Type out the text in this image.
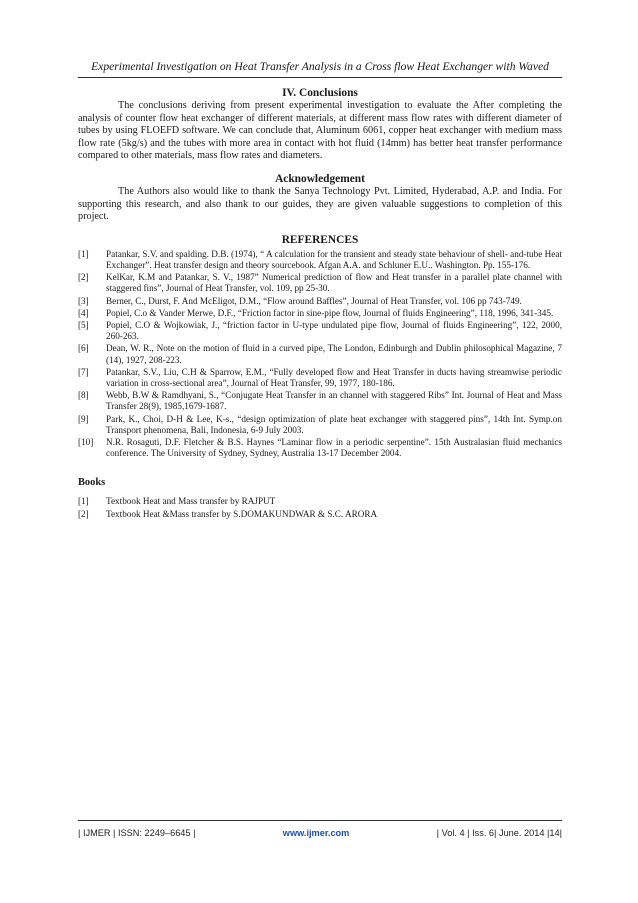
Experimental Investigation on Heat Transfer Analysis in a Cross flow Heat Exchanger with Waved
IV. Conclusions

The conclusions deriving from present experimental investigation to evaluate the After completing the analysis of counter flow heat exchanger of different materials, at different mass flow rates with different diameter of tubes by using FLOEFD software. We can conclude that, Aluminum 6061, copper heat exchanger with medium mass flow rate (5kg/s) and the tubes with more area in contact with hot fluid (14mm) has better heat transfer performance compared to other materials, mass flow rates and diameters.

Acknowledgement

The Authors also would like to thank the Sanya Technology Pvt. Limited, Hyderabad, A.P. and India. For supporting this research, and also thank to our guides, they are given valuable suggestions to completion of this project.

REFERENCES
[1]	Patankar, S.V. and spalding. D.B. (1974), “ A calculation for the transient and steady state behaviour of shell- and-tube Heat Exchanger”. Heat transfer design and theory sourcebook. Afgan A.A. and Schluner E.U.. Washington. Pp. 155-176.
[2]	KelKar, K.M and Patankar, S. V., 1987” Numerical prediction of flow and Heat transfer in a parallel plate channel with staggered fins”, Journal of Heat Transfer, vol. 109, pp 25-30.
[3]	Berner, C., Durst, F. And McEligot, D.M., “Flow around Baffles”, Journal of Heat Transfer, vol. 106 pp 743-749.
[4]	Popiel, C.o & Vander Merwe, D.F., “Friction factor in sine-pipe flow, Journal of fluids Engineering”, 118, 1996, 341-345.
[5]	Popiel, C.O & Wojkowiak, J., “friction factor in U-type undulated pipe flow, Journal of fluids Engineering”, 122, 2000, 260-263.
[6]	Dean, W. R., Note on the motion of fluid in a curved pipe, The London, Edinburgh and Dublin philosophical Magazine, 7 (14), 1927, 208-223.
[7]	Patankar, S.V., Liu, C.H & Sparrow, E.M., “Fully developed flow and Heat Transfer in ducts having streamwise periodic variation in cross-sectional area”, Journal of Heat Transfer, 99, 1977, 180-186.
[8]	Webb, B.W & Ramdhyani, S., “Conjugate Heat Transfer in an channel with staggered Ribs” Int. Journal of Heat and Mass Transfer 28(9), 1985,1679-1687.
[9]	Park, K., Choi, D-H & Lee, K-s., “design optimization of plate heat exchanger with staggered pins”, 14th Int. Symp.on Transport phenomena, Bali, Indonesia, 6-9 July 2003.
[10]	N.R. Rosaguti, D.F. Fletcher & B.S. Haynes “Laminar flow in a periodic serpentine”. 15th Australasian fluid mechanics conference. The University of Sydney, Sydney, Australia 13-17 December 2004.
Books
[1]	Textbook Heat and Mass transfer by RAJPUT
[2]	Textbook Heat &Mass transfer by S.DOMAKUNDWAR & S.C. ARORA
| IJMER | ISSN: 2249–6645 |	www.ijmer.com	| Vol. 4 | Iss. 6| June. 2014 |14|
